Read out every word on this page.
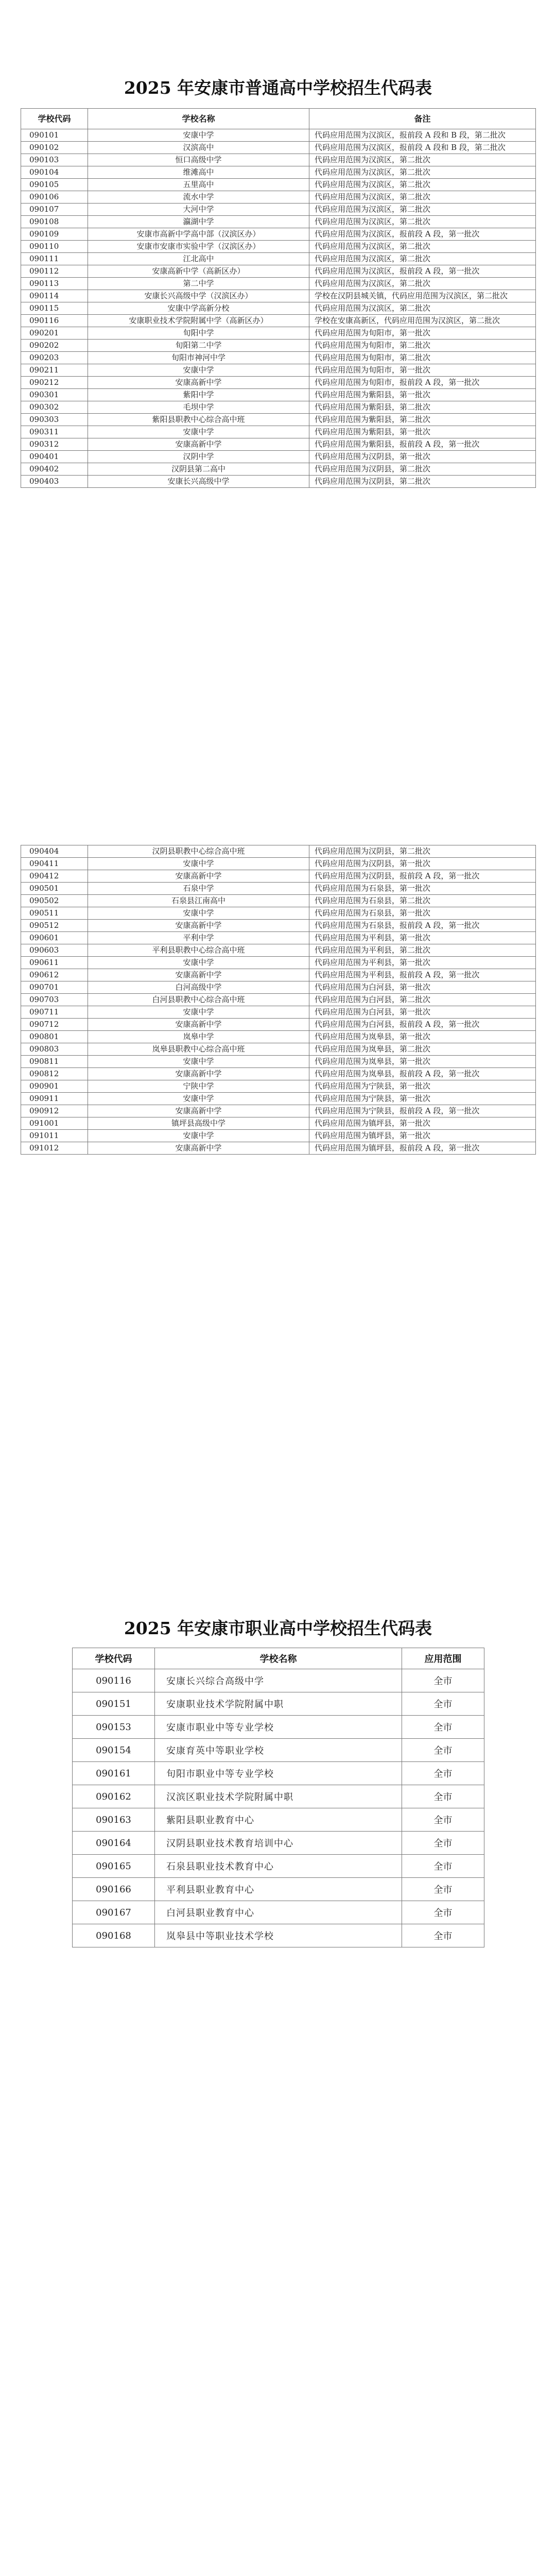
2025 年安康市普通高中学校招生代码表
学校代码	学校名称	备注
090101	安康中学	代码应用范围为汉滨区，报前段 A 段和 B 段，第二批次
090102	汉滨高中	代码应用范围为汉滨区，报前段 A 段和 B 段，第二批次
090103	恒口高级中学	代码应用范围为汉滨区，第二批次
090104	维滩高中	代码应用范围为汉滨区，第二批次
090105	五里高中	代码应用范围为汉滨区，第二批次
090106	流水中学	代码应用范围为汉滨区，第二批次
090107	大河中学	代码应用范围为汉滨区，第二批次
090108	瀛湖中学	代码应用范围为汉滨区，第二批次
090109	安康市高新中学高中部（汉滨区办）	代码应用范围为汉滨区，报前段 A 段，第一批次
090110	安康市安康市实验中学（汉滨区办）	代码应用范围为汉滨区，第二批次
090111	江北高中	代码应用范围为汉滨区，第二批次
090112	安康高新中学（高新区办）	代码应用范围为汉滨区，报前段 A 段，第一批次
090113	第二中学	代码应用范围为汉滨区，第二批次
090114	安康长兴高级中学（汉滨区办）	学校在汉阴县城关镇，代码应用范围为汉滨区，第二批次
090115	安康中学高新分校	代码应用范围为汉滨区，第二批次
090116	安康职业技术学院附属中学（高新区办）	学校在安康高新区，代码应用范围为汉滨区，第二批次
090201	旬阳中学	代码应用范围为旬阳市，第一批次
090202	旬阳第二中学	代码应用范围为旬阳市，第二批次
090203	旬阳市神河中学	代码应用范围为旬阳市，第二批次
090211	安康中学	代码应用范围为旬阳市，第一批次
090212	安康高新中学	代码应用范围为旬阳市，报前段 A 段，第一批次
090301	紫阳中学	代码应用范围为紫阳县，第一批次
090302	毛坝中学	代码应用范围为紫阳县，第二批次
090303	紫阳县职教中心综合高中班	代码应用范围为紫阳县，第二批次
090311	安康中学	代码应用范围为紫阳县，第一批次
090312	安康高新中学	代码应用范围为紫阳县，报前段 A 段，第一批次
090401	汉阴中学	代码应用范围为汉阴县，第一批次
090402	汉阴县第二高中	代码应用范围为汉阴县，第二批次
090403	安康长兴高级中学	代码应用范围为汉阴县，第二批次
090404	汉阴县职教中心综合高中班	代码应用范围为汉阴县，第二批次
090411	安康中学	代码应用范围为汉阴县，第一批次
090412	安康高新中学	代码应用范围为汉阴县，报前段 A 段，第一批次
090501	石泉中学	代码应用范围为石泉县，第一批次
090502	石泉县江南高中	代码应用范围为石泉县，第二批次
090511	安康中学	代码应用范围为石泉县，第一批次
090512	安康高新中学	代码应用范围为石泉县，报前段 A 段，第一批次
090601	平利中学	代码应用范围为平利县，第一批次
090603	平利县职教中心综合高中班	代码应用范围为平利县，第二批次
090611	安康中学	代码应用范围为平利县，第一批次
090612	安康高新中学	代码应用范围为平利县，报前段 A 段，第一批次
090701	白河高级中学	代码应用范围为白河县，第一批次
090703	白河县职教中心综合高中班	代码应用范围为白河县，第二批次
090711	安康中学	代码应用范围为白河县，第一批次
090712	安康高新中学	代码应用范围为白河县，报前段 A 段，第一批次
090801	岚皋中学	代码应用范围为岚皋县，第一批次
090803	岚皋县职教中心综合高中班	代码应用范围为岚皋县，第二批次
090811	安康中学	代码应用范围为岚皋县，第一批次
090812	安康高新中学	代码应用范围为岚皋县，报前段 A 段，第一批次
090901	宁陕中学	代码应用范围为宁陕县，第一批次
090911	安康中学	代码应用范围为宁陕县，第一批次
090912	安康高新中学	代码应用范围为宁陕县，报前段 A 段，第一批次
091001	镇坪县高级中学	代码应用范围为镇坪县，第一批次
091011	安康中学	代码应用范围为镇坪县，第一批次
091012	安康高新中学	代码应用范围为镇坪县，报前段 A 段，第一批次
2025 年安康市职业高中学校招生代码表
学校代码	学校名称	应用范围
090116	安康长兴综合高级中学	全市
090151	安康职业技术学院附属中职	全市
090153	安康市职业中等专业学校	全市
090154	安康育英中等职业学校	全市
090161	旬阳市职业中等专业学校	全市
090162	汉滨区职业技术学院附属中职	全市
090163	紫阳县职业教育中心	全市
090164	汉阴县职业技术教育培训中心	全市
090165	石泉县职业技术教育中心	全市
090166	平利县职业教育中心	全市
090167	白河县职业教育中心	全市
090168	岚皋县中等职业技术学校	全市
